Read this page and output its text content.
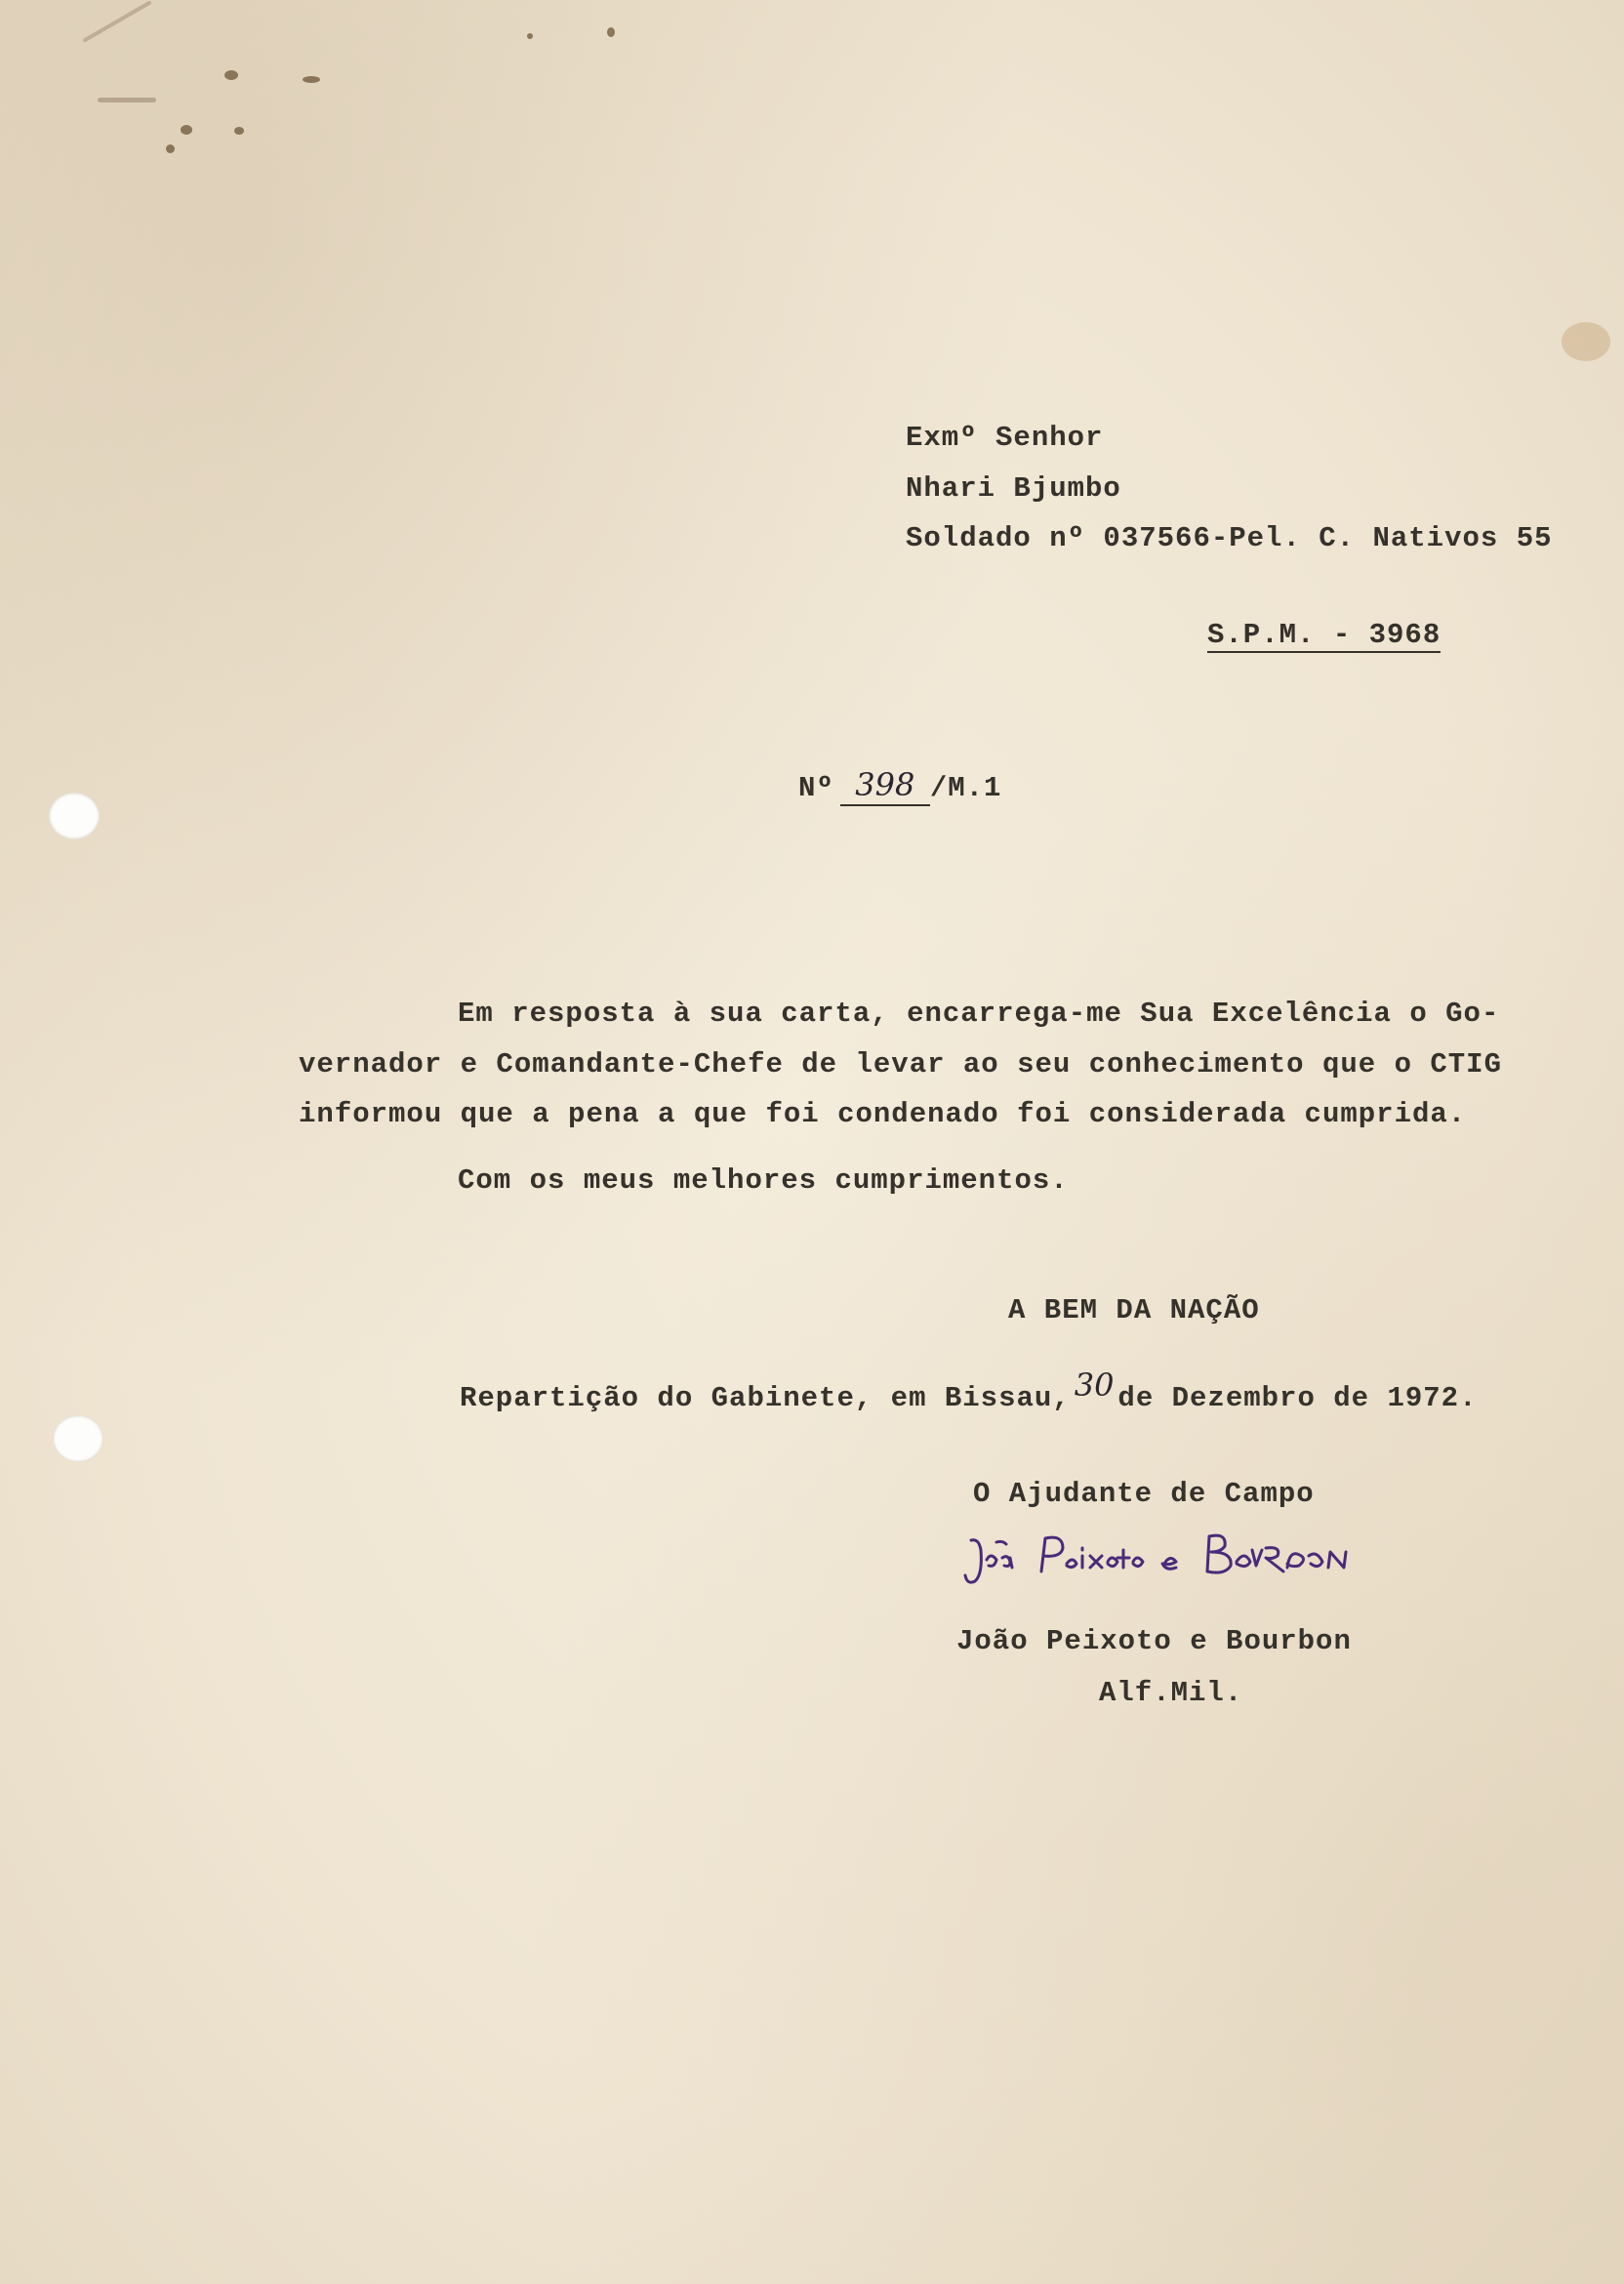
Exmº Senhor
Nhari Bjumbo
Soldado nº 037566-Pel. C. Nativos 55
S.P.M. - 3968
Nº 398 /M.1
Em resposta à sua carta, encarrega-me Sua Excelência o Go-
vernador e Comandante-Chefe de levar ao seu conhecimento que o CTIG
informou que a pena a que foi condenado foi considerada cumprida.
Com os meus melhores cumprimentos.
A BEM DA NAÇÃO
Repartição do Gabinete, em Bissau, 30 de Dezembro de 1972.
O Ajudante de Campo
João Peixoto e Bourbon
Alf.Mil.
